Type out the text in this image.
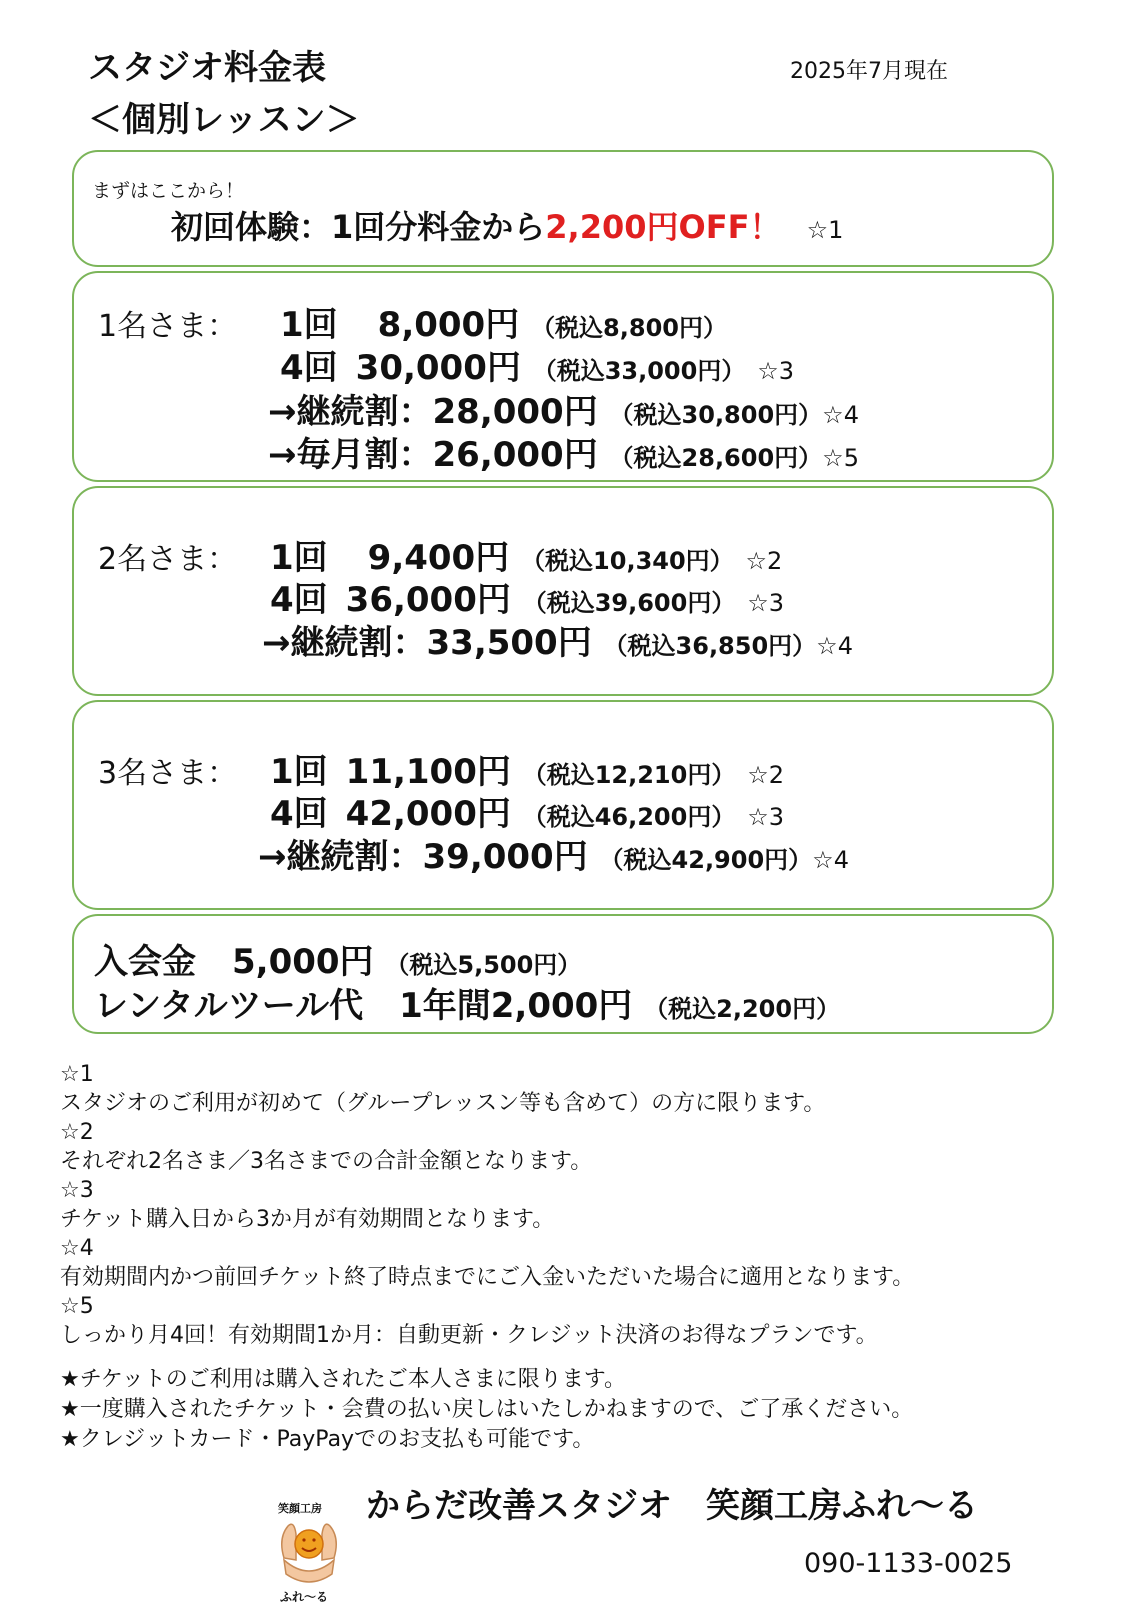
スタジオ料金表
＜個別レッスン＞
2025年7月現在
まずはここから！
初回体験：1回分料金から2,200円OFF！ ☆1
1名さま： 1回 8,000円 （税込8,800円）
4回 30,000円 （税込33,000円） ☆3
→継続割：28,000円 （税込30,800円）☆4
→毎月割：26,000円 （税込28,600円）☆5
2名さま： 1回 9,400円 （税込10,340円） ☆2
4回 36,000円 （税込39,600円） ☆3
→継続割：33,500円 （税込36,850円）☆4
3名さま： 1回 11,100円 （税込12,210円） ☆2
4回 42,000円 （税込46,200円） ☆3
→継続割：39,000円 （税込42,900円）☆4
入会金 5,000円 （税込5,500円）
レンタルツール代 1年間2,000円 （税込2,200円）
☆1
スタジオのご利用が初めて（グループレッスン等も含めて）の方に限ります。
☆2
それぞれ2名さま／3名さまでの合計金額となります。
☆3
チケット購入日から3か月が有効期間となります。
☆4
有効期間内かつ前回チケット終了時点までにご入金いただいた場合に適用となります。
☆5
しっかり月4回！有効期間1か月：自動更新・クレジット決済のお得なプランです。
★チケットのご利用は購入されたご本人さまに限ります。
★一度購入されたチケット・会費の払い戻しはいたしかねますので、ご了承ください。
★クレジットカード・PayPayでのお支払も可能です。
笑顔工房
ふれ〜る
からだ改善スタジオ　笑顔工房ふれ〜る
090-1133-0025
